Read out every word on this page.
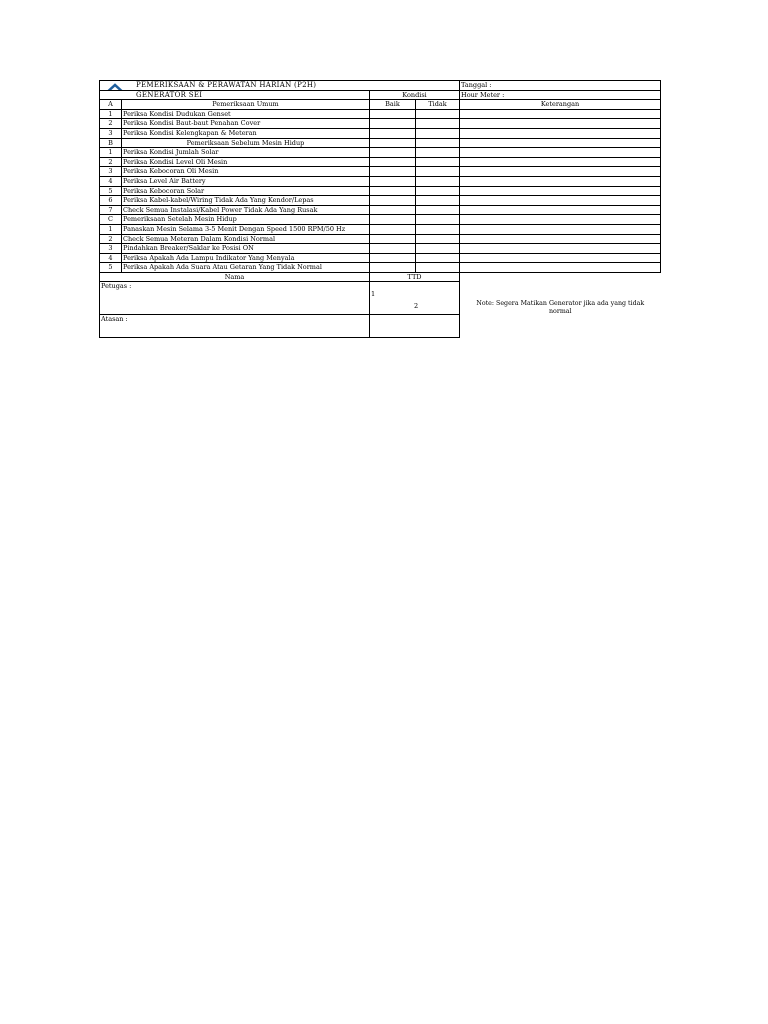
PEMERIKSAAN & PERAWATAN HARIAN (P2H)				Tanggal :
GENERATOR SEI		Kondisi		Hour Meter :
A	Pemeriksaan Umum	Baik	Tidak	Keterangan
1	Periksa Kondisi Dudukan Genset			
2	Periksa Kondisi Baut-baut Penahan Cover			
3	Periksa Kondisi Kelengkapan & Meteran			
B	Pemeriksaan Sebelum Mesin Hidup			
1	Periksa Kondisi Jumlah Solar			
2	Periksa Kondisi Level Oli Mesin			
3	Periksa Kebocoran Oli Mesin			
4	Periksa Level Air Battery			
5	Periksa Kebocoran Solar			
6	Periksa Kabel-kabel/Wiring Tidak Ada Yang Kendor/Lepas			
7	Check Semua Instalasi/Kabel Power Tidak Ada Yang Rusak			
C	Pemeriksaan Setelah Mesin Hidup			
1	Panaskan Mesin Selama 3-5 Menit Dengan Speed 1500 RPM/50 Hz			
2	Check Semua Meteran Dalam Kondisi Normal			
3	Pindahkan Breaker/Saklar ke Posisi ON			
4	Periksa Apakah Ada Lampu Indikator Yang Menyala			
5	Periksa Apakah Ada Suara Atau Getaran Yang Tidak Normal			
Nama		TTD		Note: Segera Matikan Generator jika ada yang tidak normal

Petugas :		1
2		

Atasan :				
